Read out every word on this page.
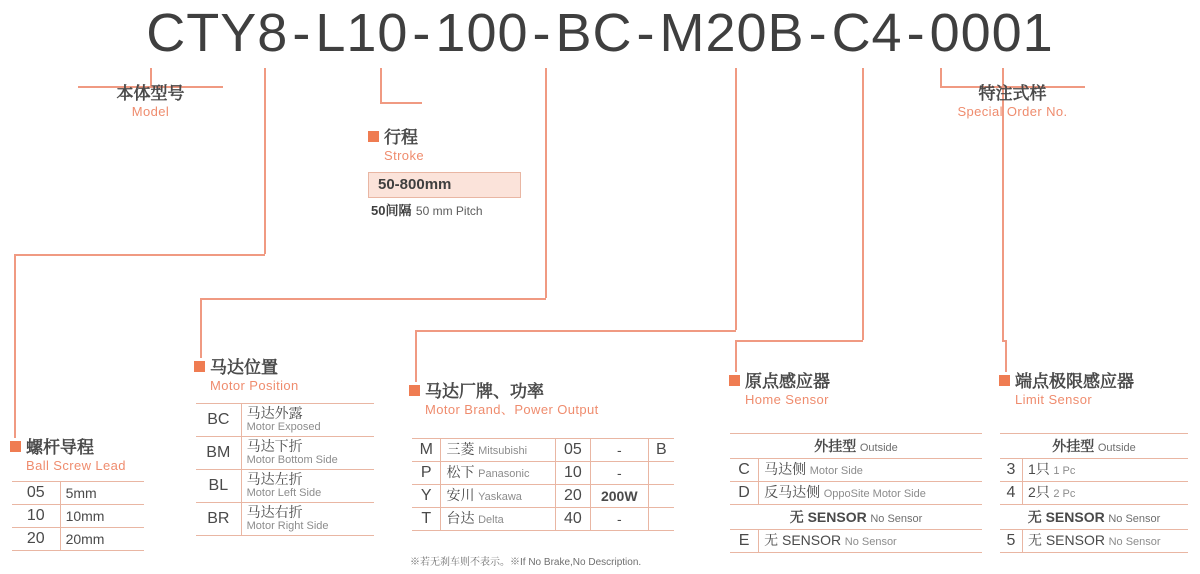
CTY8-L10-100-BC-M20B-C4-0001
本体型号
Model
特注式样
Special Order No.
行程
Stroke
螺杆导程
Ball Screw Lead
马达位置
Motor Position	马达厂牌、功率
Motor Brand、Power Output
原点感应器
Home Sensor
端点极限感应器
Limit Sensor
50-800mm
50间隔 50 mm Pitch
05	5mm
10	10mm
20	20mm
BC	马达外露
Motor Exposed

BM	马达下折
Motor Bottom Side

BL	马达左折
Motor Left Side

BR	马达右折
Motor Right Side
M	三菱 Mitsubishi	05	-	B
P	松下 Panasonic	10	-	
Y	安川 Yaskawa	20	200W	
T	台达 Delta	40	-	
※若无刹车则不表示。※If No Brake,No Description.
外挂型 Outside	
C	马达侧 Motor Side
D	反马达侧 OppoSite Motor Side
无 SENSOR No Sensor	
E	无 SENSOR No Sensor
外挂型 Outside	
3	1只 1 Pc
4	2只 2 Pc
无 SENSOR No Sensor	
5	无 SENSOR No Sensor
